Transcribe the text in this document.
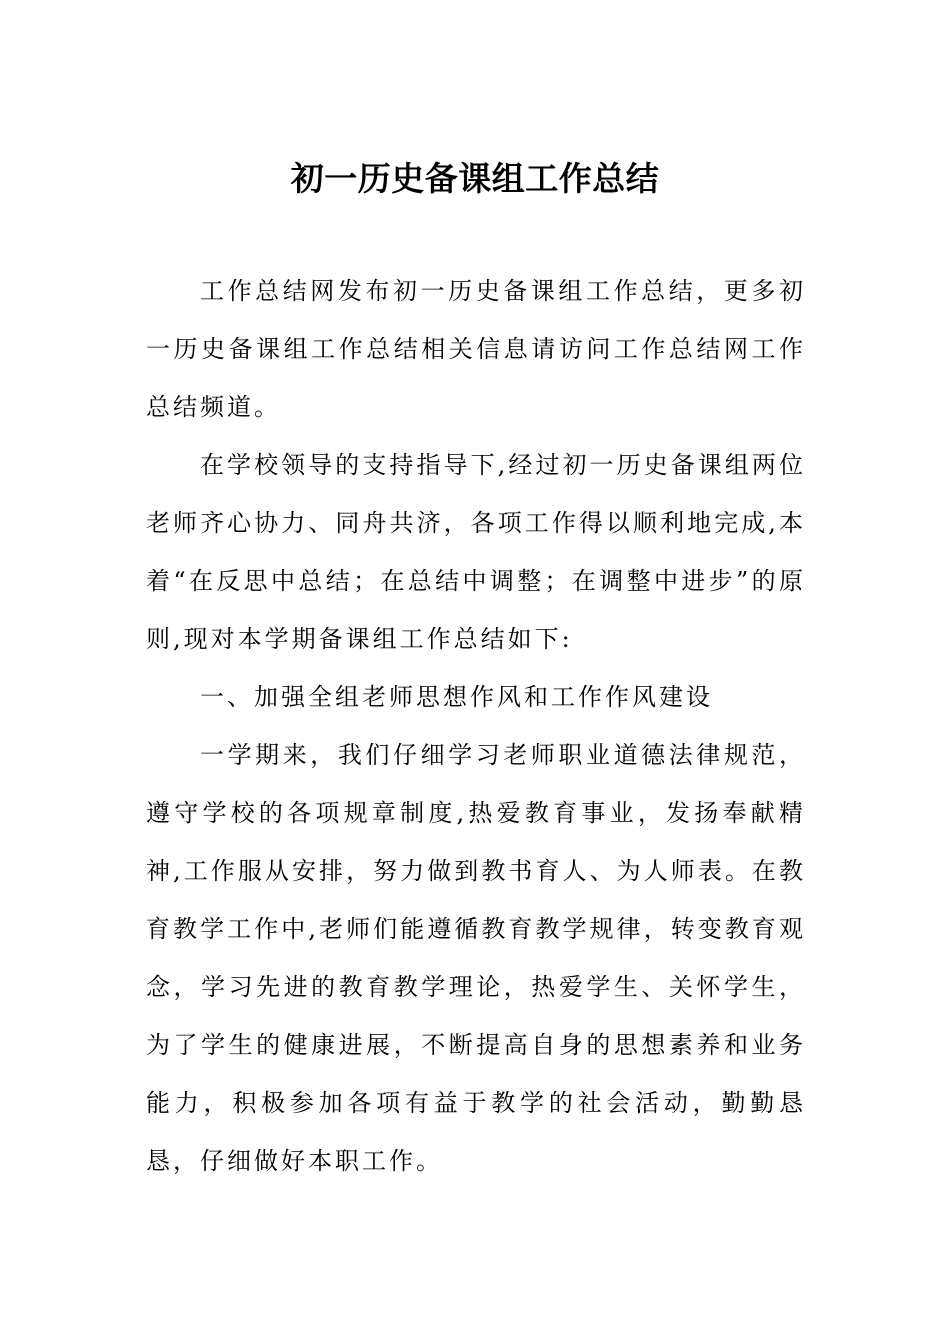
初一历史备课组工作总结

工作总结网发布初一历史备课组工作总结，更多初一历史备课组工作总结相关信息请访问工作总结网工作总结频道。

在学校领导的支持指导下,经过初一历史备课组两位老师齐心协力、同舟共济，各项工作得以顺利地完成,本着“在反思中总结；在总结中调整；在调整中进步”的原则,现对本学期备课组工作总结如下:

一、加强全组老师思想作风和工作作风建设

一学期来，我们仔细学习老师职业道德法律规范，遵守学校的各项规章制度,热爱教育事业，发扬奉献精神,工作服从安排，努力做到教书育人、为人师表。在教育教学工作中,老师们能遵循教育教学规律，转变教育观念，学习先进的教育教学理论，热爱学生、关怀学生，为了学生的健康进展，不断提高自身的思想素养和业务能力，积极参加各项有益于教学的社会活动，勤勤恳恳，仔细做好本职工作。
